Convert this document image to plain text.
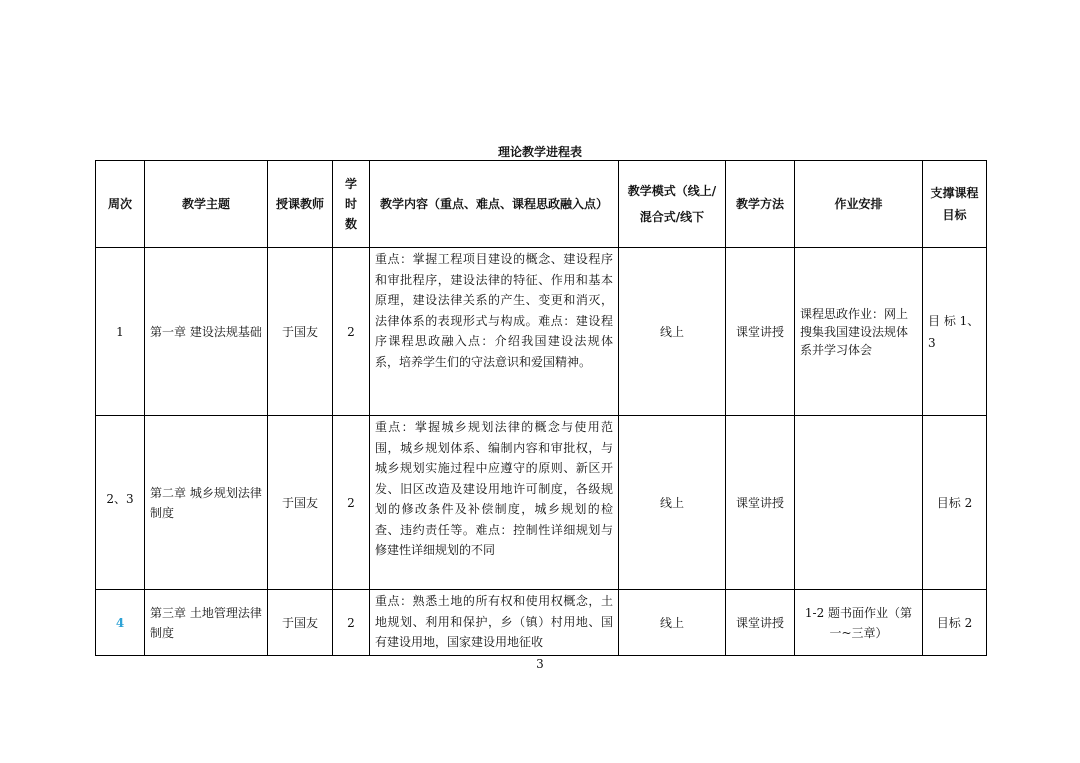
理论教学进程表
周次	教学主题	授课教师	学时数	教学内容（重点、难点、课程思政融入点）	教学模式（线上/混合式/线下	教学方法	作业安排	支撑课程目标
1	第一章 建设法规基础	于国友	2	重点：掌握工程项目建设的概念、建设程序和审批程序，建设法律的特征、作用和基本原理，建设法律关系的产生、变更和消灭，法律体系的表现形式与构成。难点：建设程序课程思政融入点：介绍我国建设法规体系，培养学生们的守法意识和爱国精神。	线上	课堂讲授	课程思政作业：网上搜集我国建设法规体系并学习体会	目 标 1、3
2、3	第二章 城乡规划法律制度	于国友	2	重点：掌握城乡规划法律的概念与使用范围，城乡规划体系、编制内容和审批权，与城乡规划实施过程中应遵守的原则、新区开发、旧区改造及建设用地许可制度，各级规划的修改条件及补偿制度，城乡规划的检查、违约责任等。难点：控制性详细规划与修建性详细规划的不同	线上	课堂讲授		目标 2
4	第三章 土地管理法律制度	于国友	2	重点：熟悉土地的所有权和使用权概念，土地规划、利用和保护，乡（镇）村用地、国有建设用地，国家建设用地征收	线上	课堂讲授	1-2 题书面作业（第一~三章）	目标 2
3
